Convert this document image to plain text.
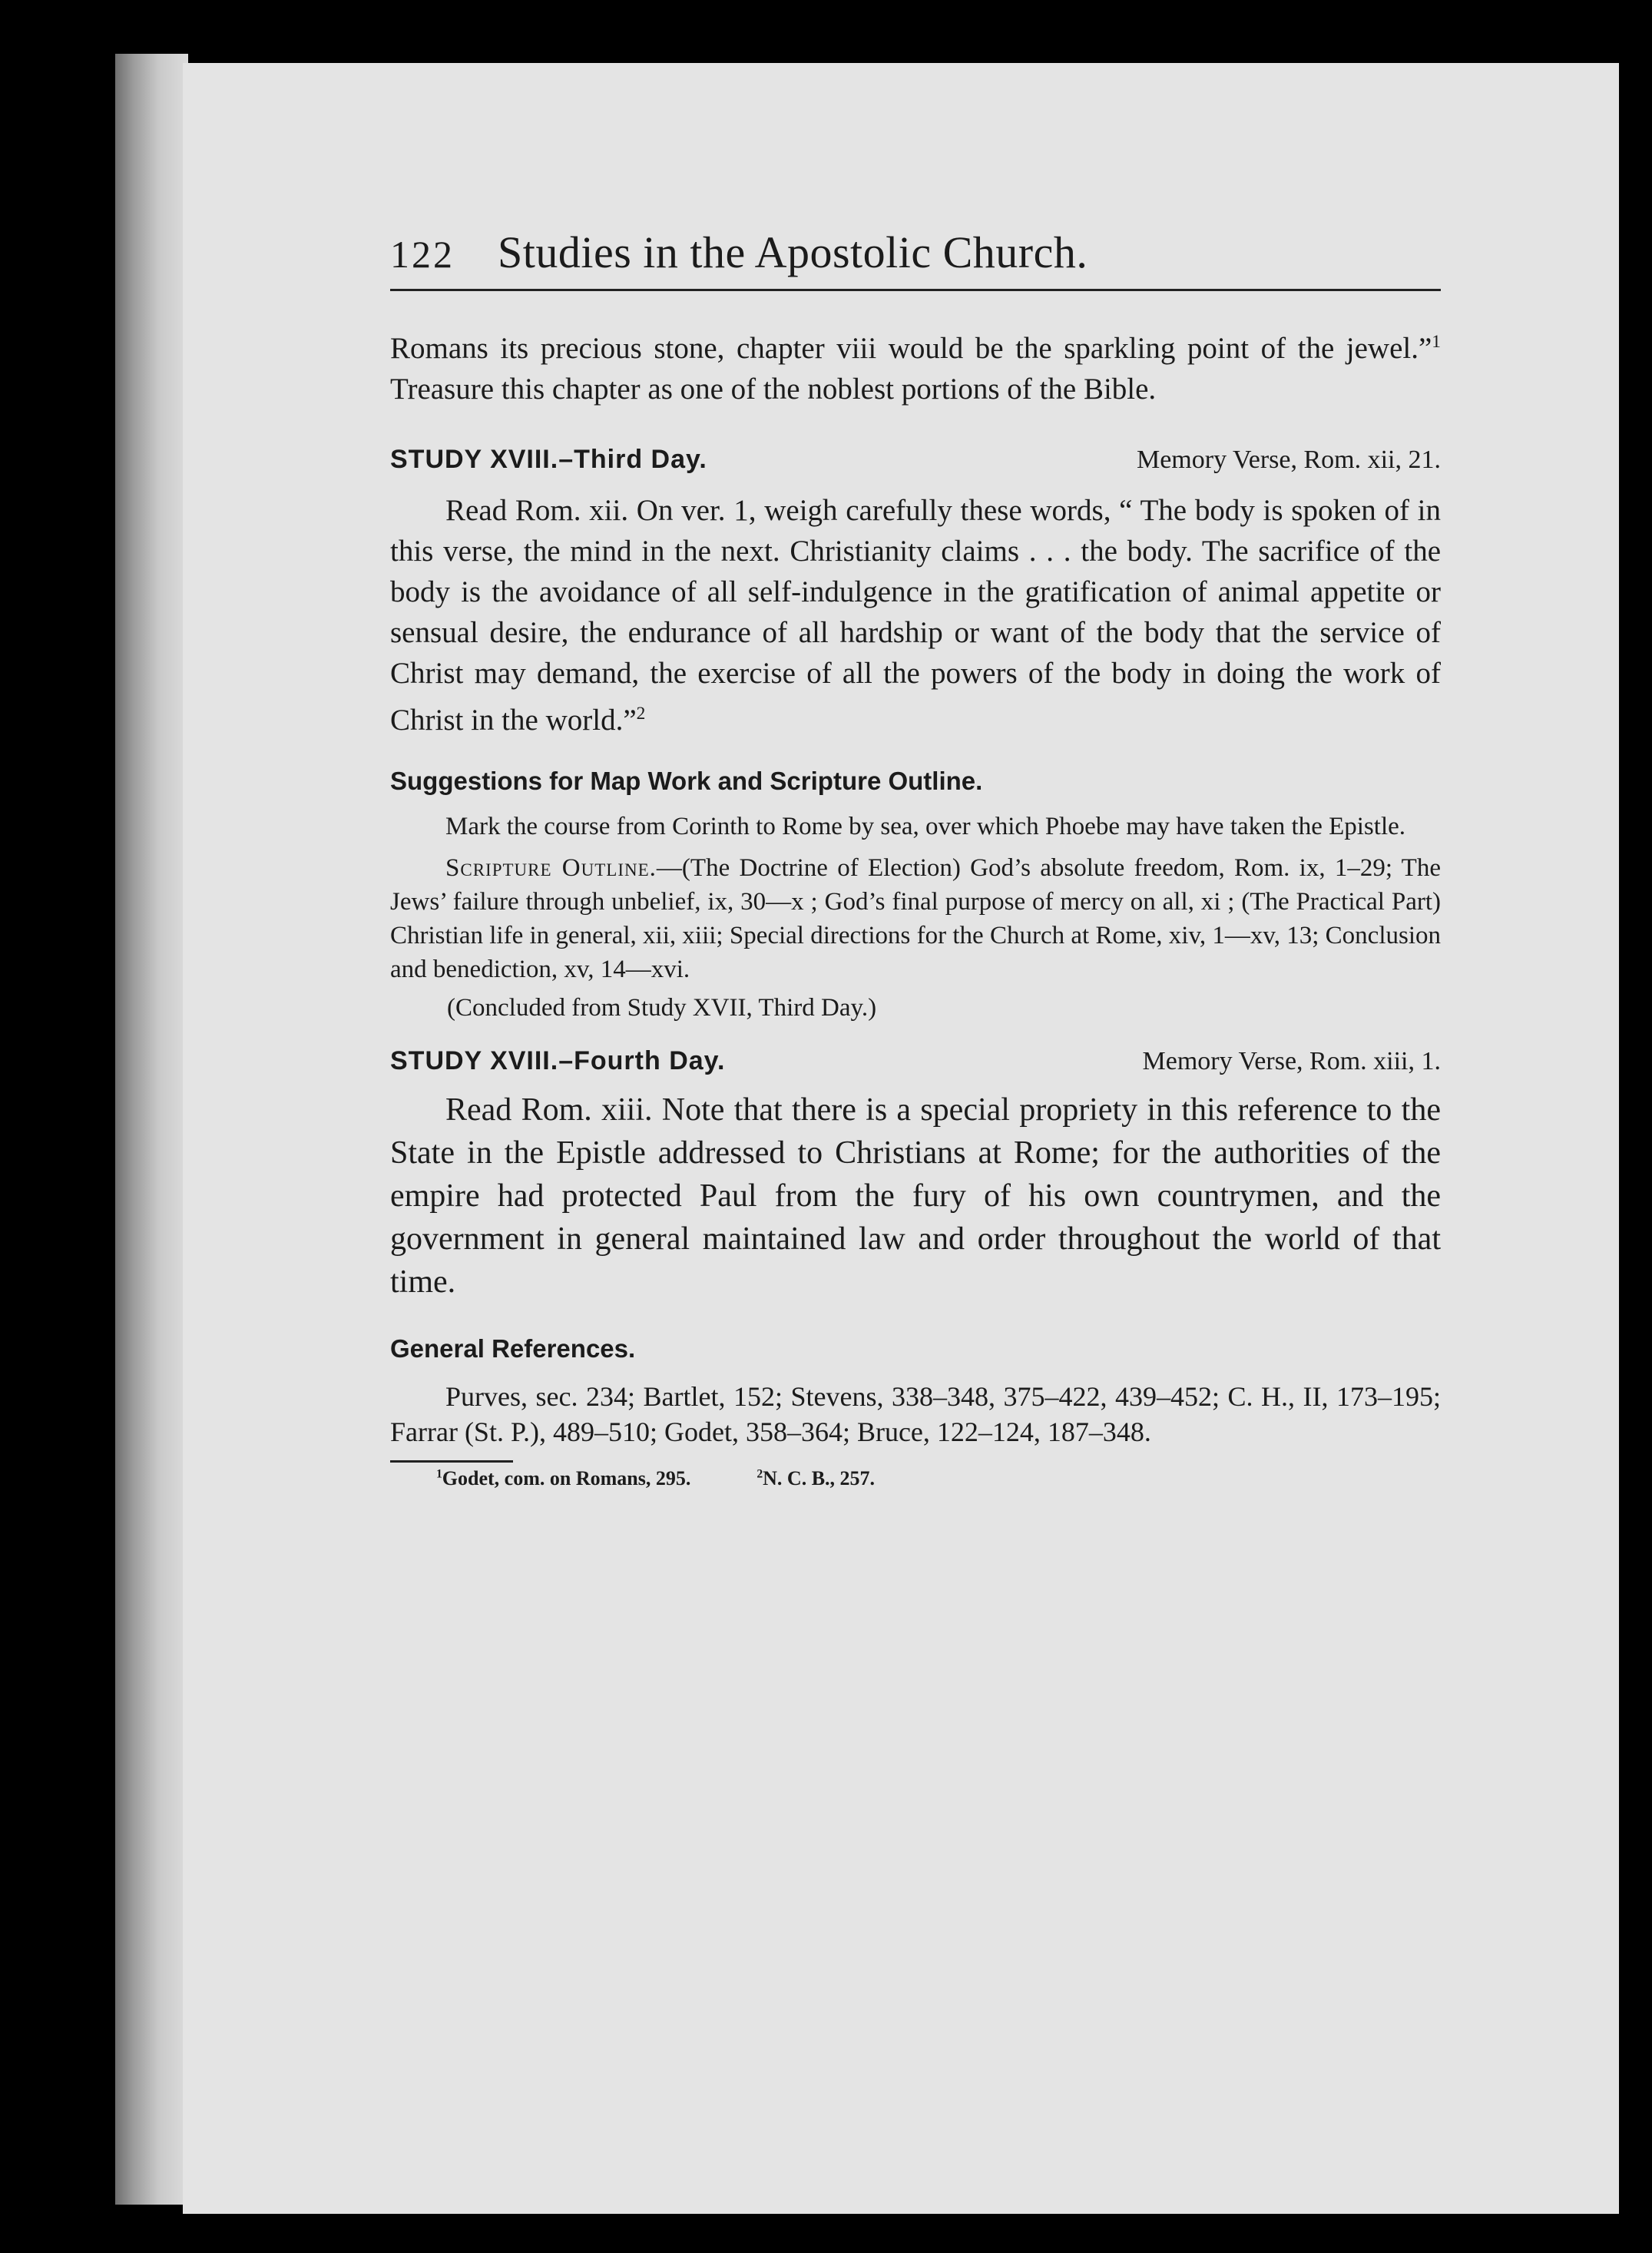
122 Studies in the Apostolic Church.

Romans its precious stone, chapter viii would be the sparkling point of the jewel.”$^1$ Treasure this chapter as one of the noblest portions of the Bible.

STUDY XVIII.–Third Day.	Memory Verse, Rom. xii, 21.

Read Rom. xii. On ver. 1, weigh carefully these words, “ The body is spoken of in this verse, the mind in the next. Christianity claims . . . the body. The sacrifice of the body is the avoidance of all self-indulgence in the gratification of animal appetite or sensual desire, the endurance of all hardship or want of the body that the service of Christ may demand, the exercise of all the powers of the body in doing the work of Christ in the world.”$^2$

Suggestions for Map Work and Scripture Outline.

Mark the course from Corinth to Rome by sea, over which Phoebe may have taken the Epistle.

Scripture Outline.—(The Doctrine of Election) God’s absolute freedom, Rom. ix, 1–29; The Jews’ failure through unbelief, ix, 30—x ; God’s final purpose of mercy on all, xi ; (The Practical Part) Christian life in general, xii, xiii; Special directions for the Church at Rome, xiv, 1—xv, 13; Conclusion and benediction, xv, 14—xvi.

(Concluded from Study XVII, Third Day.)

STUDY XVIII.–Fourth Day.	Memory Verse, Rom. xiii, 1.

Read Rom. xiii. Note that there is a special propriety in this reference to the State in the Epistle addressed to Christians at Rome; for the authorities of the empire had protected Paul from the fury of his own countrymen, and the government in general maintained law and order throughout the world of that time.

General References.

Purves, sec. 234; Bartlet, 152; Stevens, 338–348, 375–422, 439–452; C. H., II, 173–195; Farrar (St. P.), 489–510; Godet, 358–364; Bruce, 122–124, 187–348.

$^1$Godet, com. on Romans, 295.	$^2$N. C. B., 257.
